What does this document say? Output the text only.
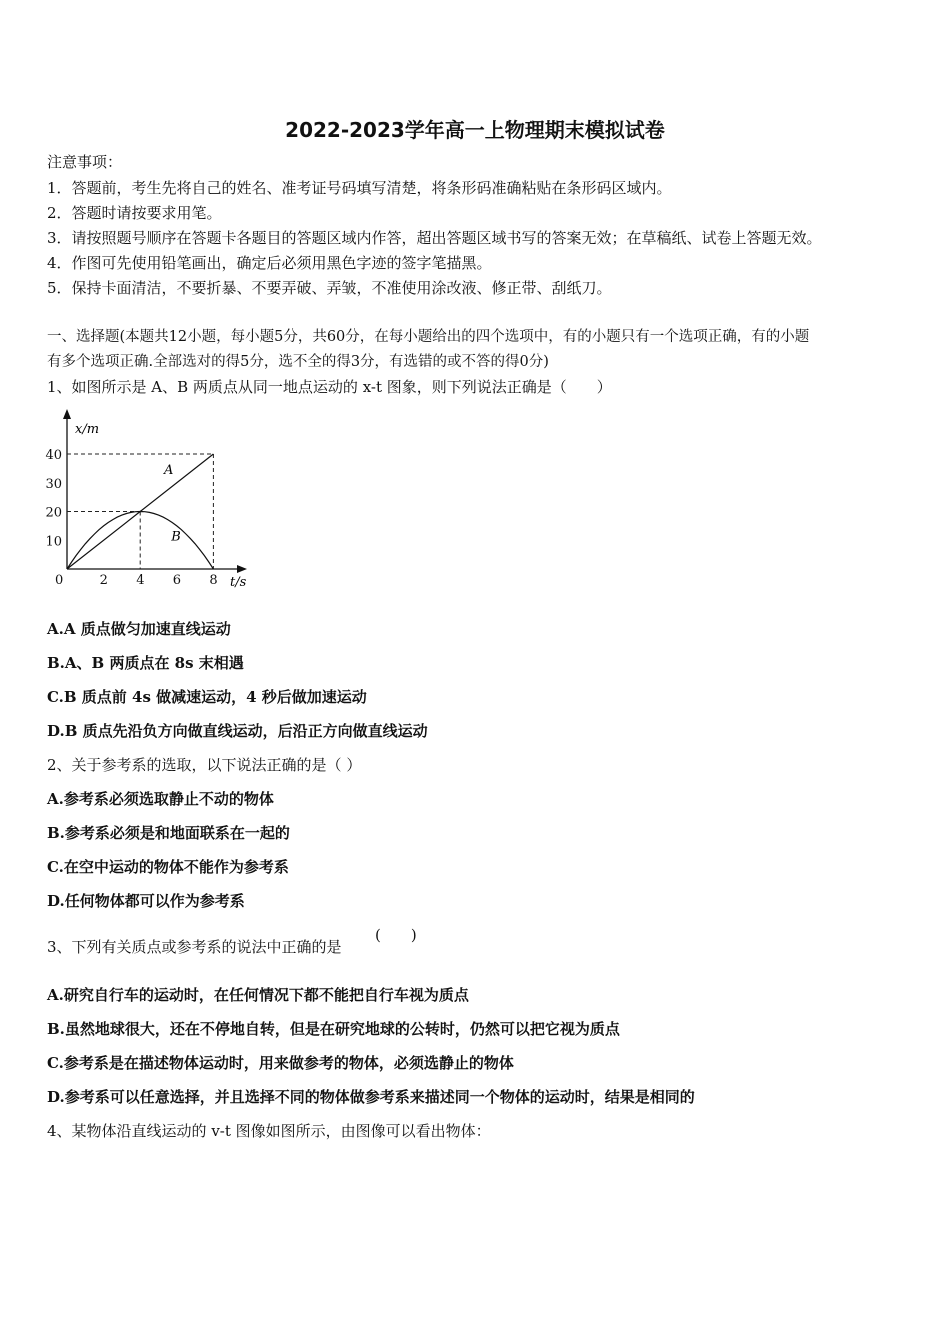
2022-2023学年高一上物理期末模拟试卷
注意事项：
1．答题前，考生先将自己的姓名、准考证号码填写清楚，将条形码准确粘贴在条形码区域内。
2．答题时请按要求用笔。
3．请按照题号顺序在答题卡各题目的答题区域内作答，超出答题区域书写的答案无效；在草稿纸、试卷上答题无效。
4．作图可先使用铅笔画出，确定后必须用黑色字迹的签字笔描黑。
5．保持卡面清洁，不要折暴、不要弄破、弄皱，不准使用涂改液、修正带、刮纸刀。
一、选择题(本题共12小题，每小题5分，共60分，在每小题给出的四个选项中，有的小题只有一个选项正确，有的小题
有多个选项正确.全部选对的得5分，选不全的得3分，有选错的或不答的得0分)
1、如图所示是 A、B 两质点从同一地点运动的 x-t 图象，则下列说法正确是（　　）
0	2 4 6 8
10
20
30
40
A
B
x/m
t/s
A.A 质点做匀加速直线运动
B.A、B 两质点在 8s 末相遇
C.B 质点前 4s 做减速运动，4 秒后做加速运动
D.B 质点先沿负方向做直线运动，后沿正方向做直线运动
2、关于参考系的选取，以下说法正确的是（ ）
A.参考系必须选取静止不动的物体
B.参考系必须是和地面联系在一起的
C.在空中运动的物体不能作为参考系
D.任何物体都可以作为参考系
3、下列有关质点或参考系的说法中正确的是
(　　)
A.研究自行车的运动时，在任何情况下都不能把自行车视为质点
B.虽然地球很大，还在不停地自转，但是在研究地球的公转时，仍然可以把它视为质点
C.参考系是在描述物体运动时，用来做参考的物体，必须选静止的物体
D.参考系可以任意选择，并且选择不同的物体做参考系来描述同一个物体的运动时，结果是相同的
4、某物体沿直线运动的 v-t 图像如图所示，由图像可以看出物体：
